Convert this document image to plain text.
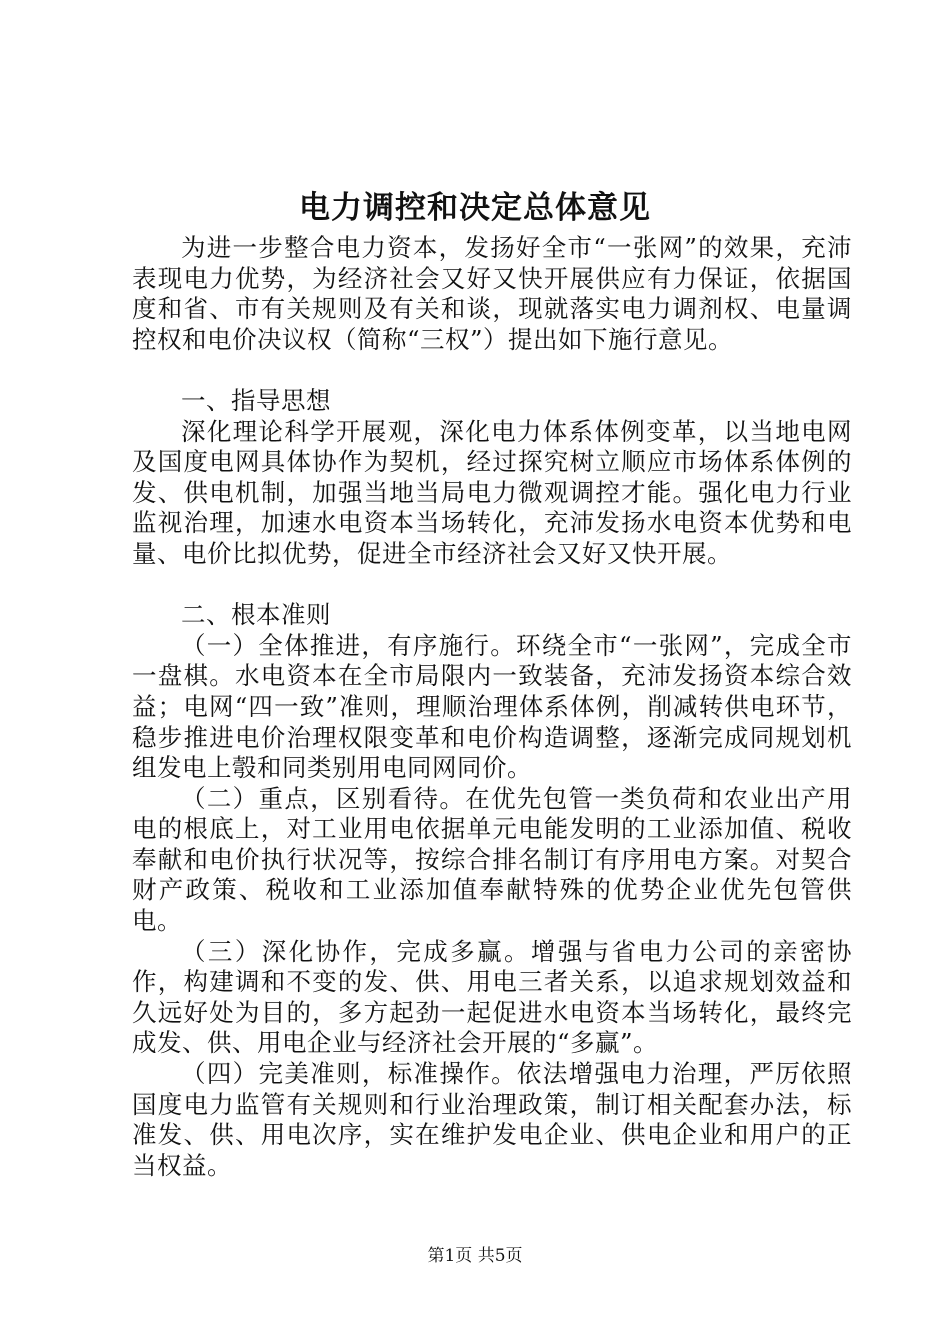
电力调控和决定总体意见

为进一步整合电力资本，发扬好全市“一张网”的效果，充沛表现电力优势，为经济社会又好又快开展供应有力保证，依据国度和省、市有关规则及有关和谈，现就落实电力调剂权、电量调控权和电价决议权（简称“三权”）提出如下施行意见。

一、指导思想

深化理论科学开展观，深化电力体系体例变革，以当地电网及国度电网具体协作为契机，经过探究树立顺应市场体系体例的发、供电机制，加强当地当局电力微观调控才能。强化电力行业监视治理，加速水电资本当场转化，充沛发扬水电资本优势和电量、电价比拟优势，促进全市经济社会又好又快开展。

二、根本准则

（一）全体推进，有序施行。环绕全市“一张网”，完成全市一盘棋。水电资本在全市局限内一致装备，充沛发扬资本综合效益；电网“四一致”准则，理顺治理体系体例，削减转供电环节，稳步推进电价治理权限变革和电价构造调整，逐渐完成同规划机组发电上彀和同类别用电同网同价。

（二）重点，区别看待。在优先包管一类负荷和农业出产用电的根底上，对工业用电依据单元电能发明的工业添加值、税收奉献和电价执行状况等，按综合排名制订有序用电方案。对契合财产政策、税收和工业添加值奉献特殊的优势企业优先包管供电。

（三）深化协作，完成多赢。增强与省电力公司的亲密协作，构建调和不变的发、供、用电三者关系，以追求规划效益和久远好处为目的，多方起劲一起促进水电资本当场转化，最终完成发、供、用电企业与经济社会开展的“多赢”。

（四）完美准则，标准操作。依法增强电力治理，严厉依照国度电力监管有关规则和行业治理政策，制订相关配套办法，标准发、供、用电次序，实在维护发电企业、供电企业和用户的正当权益。

第1页 共5页
